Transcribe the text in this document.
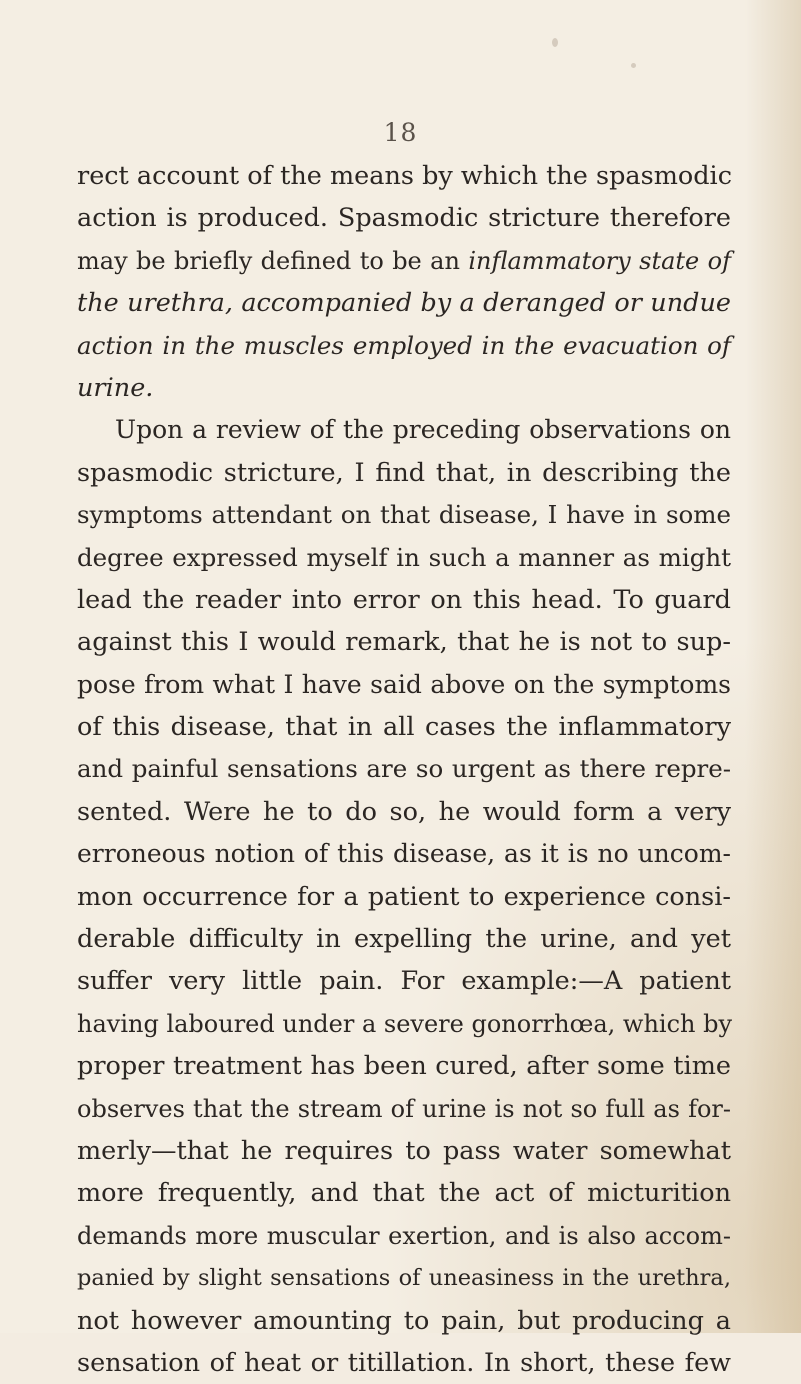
18
rect account of the means by which the spasmodic
action is produced. Spasmodic stricture therefore
may be briefly defined to be an inflammatory state of
the urethra, accompanied by a deranged or undue
action in the muscles employed in the evacuation of
urine.
Upon a review of the preceding observations on
spasmodic stricture, I find that, in describing the
symptoms attendant on that disease, I have in some
degree expressed myself in such a manner as might
lead the reader into error on this head. To guard
against this I would remark, that he is not to sup-
pose from what I have said above on the symptoms
of this disease, that in all cases the inflammatory
and painful sensations are so urgent as there repre-
sented. Were he to do so, he would form a very
erroneous notion of this disease, as it is no uncom-
mon occurrence for a patient to experience consi-
derable difficulty in expelling the urine, and yet
suffer very little pain. For example:—A patient
having laboured under a severe gonorrhœa, which by
proper treatment has been cured, after some time
observes that the stream of urine is not so full as for-
merly—that he requires to pass water somewhat
more frequently, and that the act of micturition
demands more muscular exertion, and is also accom-
panied by slight sensations of uneasiness in the urethra,
not however amounting to pain, but producing a
sensation of heat or titillation. In short, these few
